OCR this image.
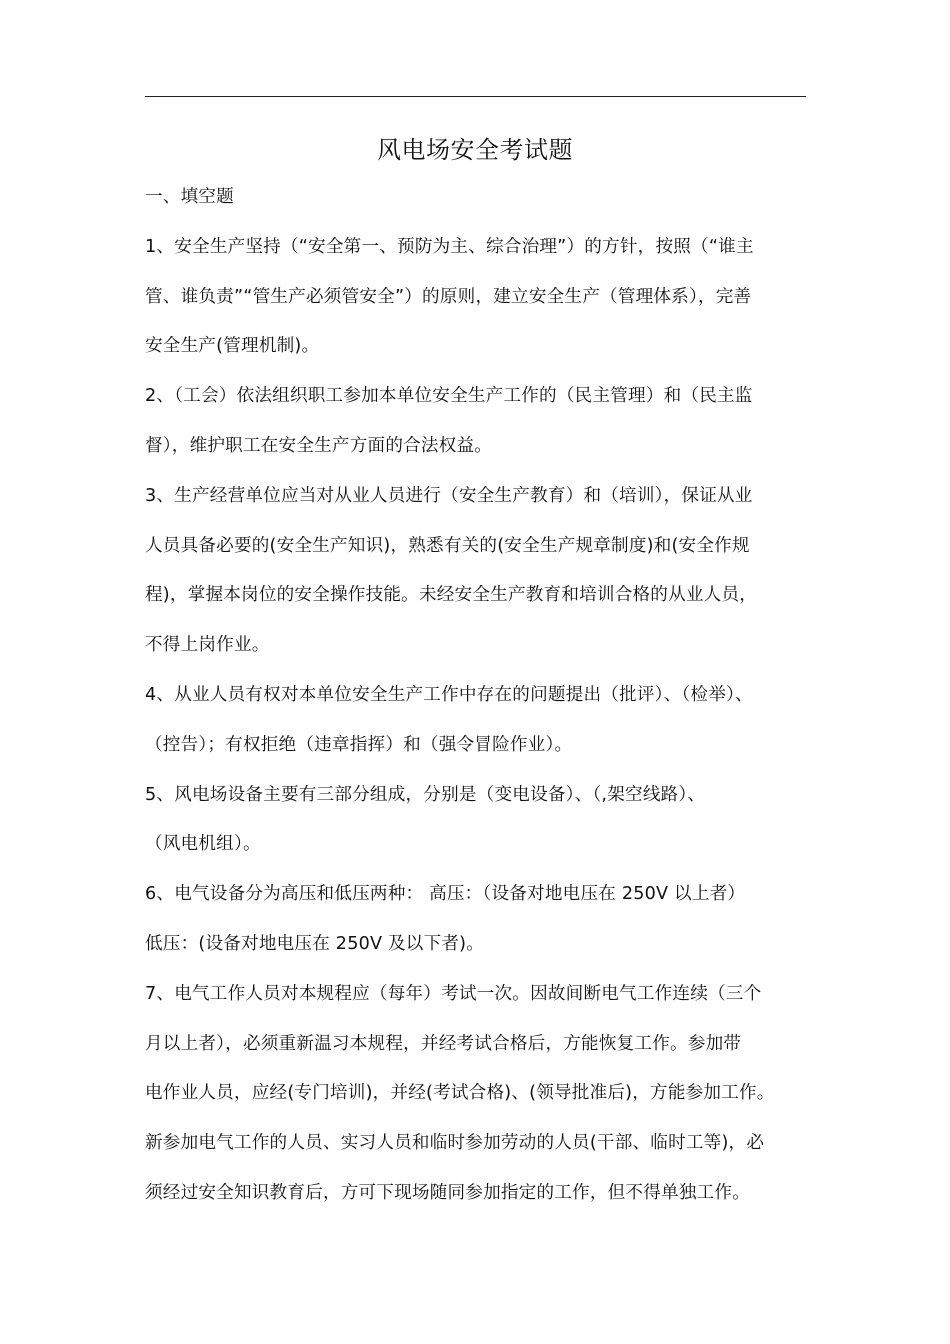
风电场安全考试题
一、填空题
1、安全生产坚持（“安全第一、预防为主、综合治理”）的方针，按照（“谁主
管、谁负责”“管生产必须管安全”）的原则，建立安全生产（管理体系），完善
安全生产(管理机制)。
2、（工会）依法组织职工参加本单位安全生产工作的（民主管理）和（民主监
督），维护职工在安全生产方面的合法权益。
3、生产经营单位应当对从业人员进行（安全生产教育）和（培训），保证从业
人员具备必要的(安全生产知识)，熟悉有关的(安全生产规章制度)和(安全作规
程)，掌握本岗位的安全操作技能。未经安全生产教育和培训合格的从业人员，
不得上岗作业。
4、从业人员有权对本单位安全生产工作中存在的问题提出（批评）、（检举）、
（控告）；有权拒绝（违章指挥）和（强令冒险作业）。
5、风电场设备主要有三部分组成，分别是（变电设备）、（,架空线路）、
（风电机组）。
6、电气设备分为高压和低压两种： 高压：（设备对地电压在 250V 以上者）
低压：(设备对地电压在 250V 及以下者)。
7、电气工作人员对本规程应（每年）考试一次。因故间断电气工作连续（三个
月以上者），必须重新温习本规程，并经考试合格后，方能恢复工作。参加带
电作业人员，应经(专门培训)，并经(考试合格)、(领导批准后)，方能参加工作。
新参加电气工作的人员、实习人员和临时参加劳动的人员(干部、临时工等)，必
须经过安全知识教育后，方可下现场随同参加指定的工作，但不得单独工作。
